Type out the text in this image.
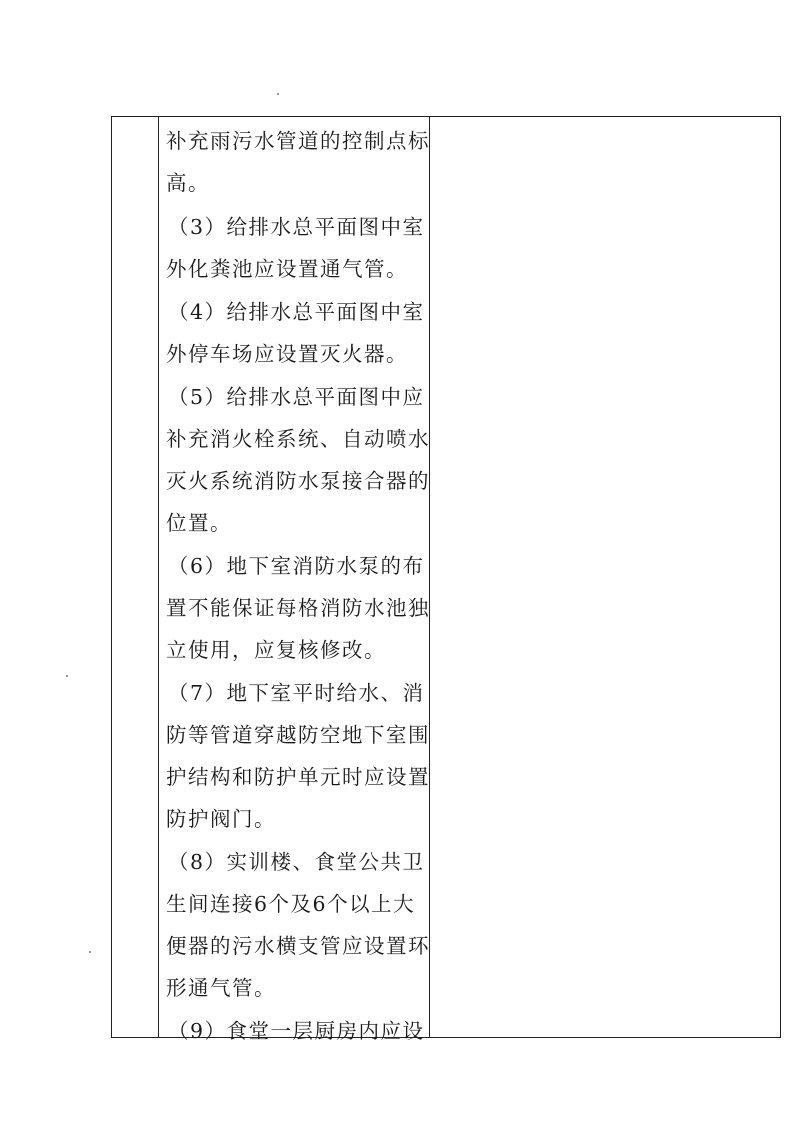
补充雨污水管道的控制点标
高。
（3）给排水总平面图中室
外化粪池应设置通气管。
（4）给排水总平面图中室
外停车场应设置灭火器。
（5）给排水总平面图中应
补充消火栓系统、自动喷水
灭火系统消防水泵接合器的
位置。
（6）地下室消防水泵的布
置不能保证每格消防水池独
立使用，应复核修改。
（7）地下室平时给水、消
防等管道穿越防空地下室围
护结构和防护单元时应设置
防护阀门。
（8）实训楼、食堂公共卫
生间连接6个及6个以上大
便器的污水横支管应设置环
形通气管。
（9）食堂一层厨房内应设
